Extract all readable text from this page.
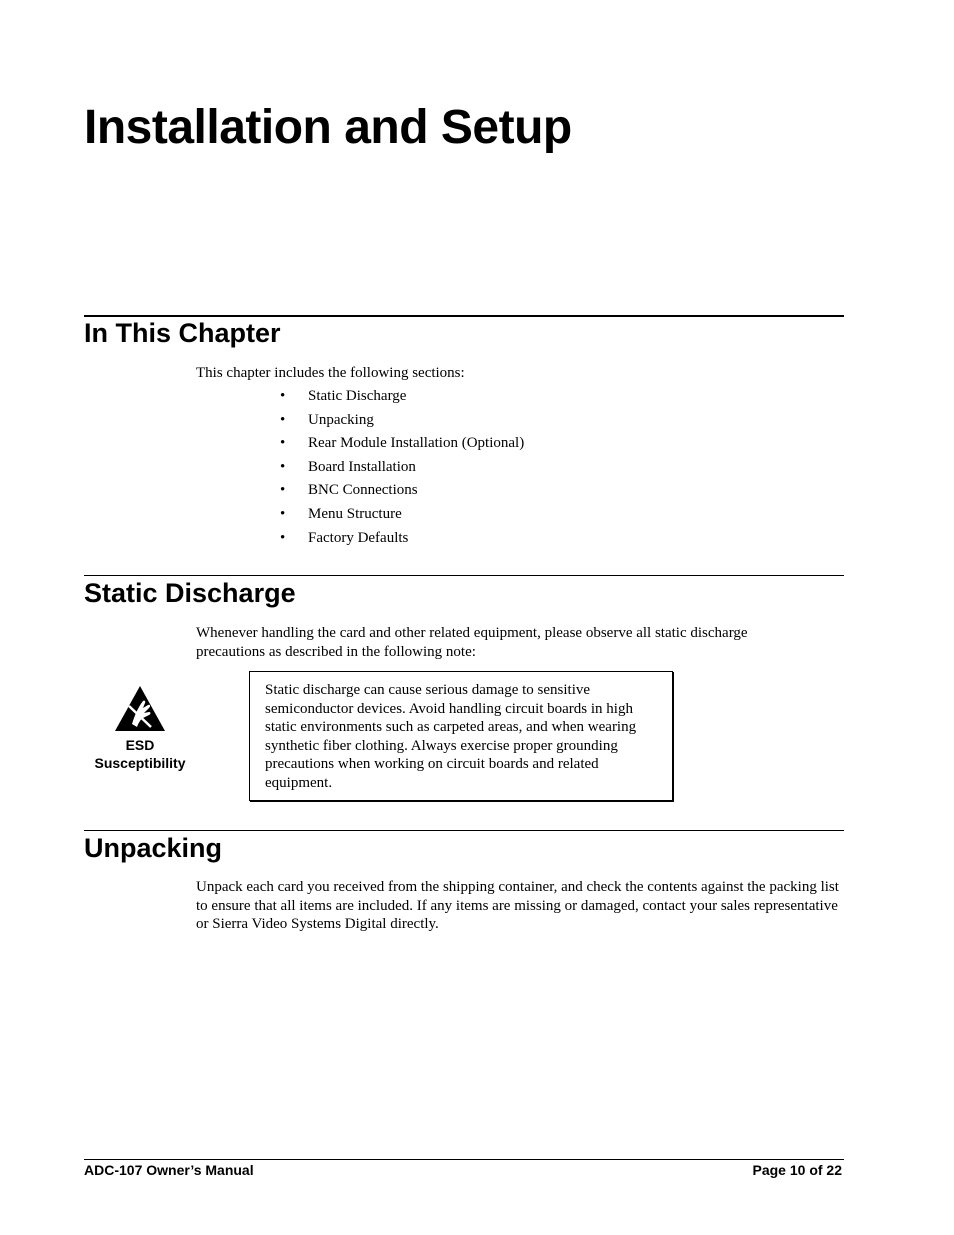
Installation and Setup
In This Chapter

This chapter includes the following sections:

•	Static Discharge
•	Unpacking
•	Rear Module Installation (Optional)
•	Board Installation
•	BNC Connections
•	Menu Structure
•	Factory Defaults
Static Discharge

Whenever handling the card and other related equipment, please observe all static discharge precautions as described in the following note:

ESD
Susceptibility

Static discharge can cause serious damage to sensitive semiconductor devices. Avoid handling circuit boards in high static environments such as carpeted areas, and when wearing synthetic fiber clothing. Always exercise proper grounding precautions when working on circuit boards and related equipment.

Unpacking

Unpack each card you received from the shipping container, and check the contents against the packing list to ensure that all items are included. If any items are missing or damaged, contact your sales representative or Sierra Video Systems Digital directly.

ADC-107 Owner’s Manual	Page 10 of 22
